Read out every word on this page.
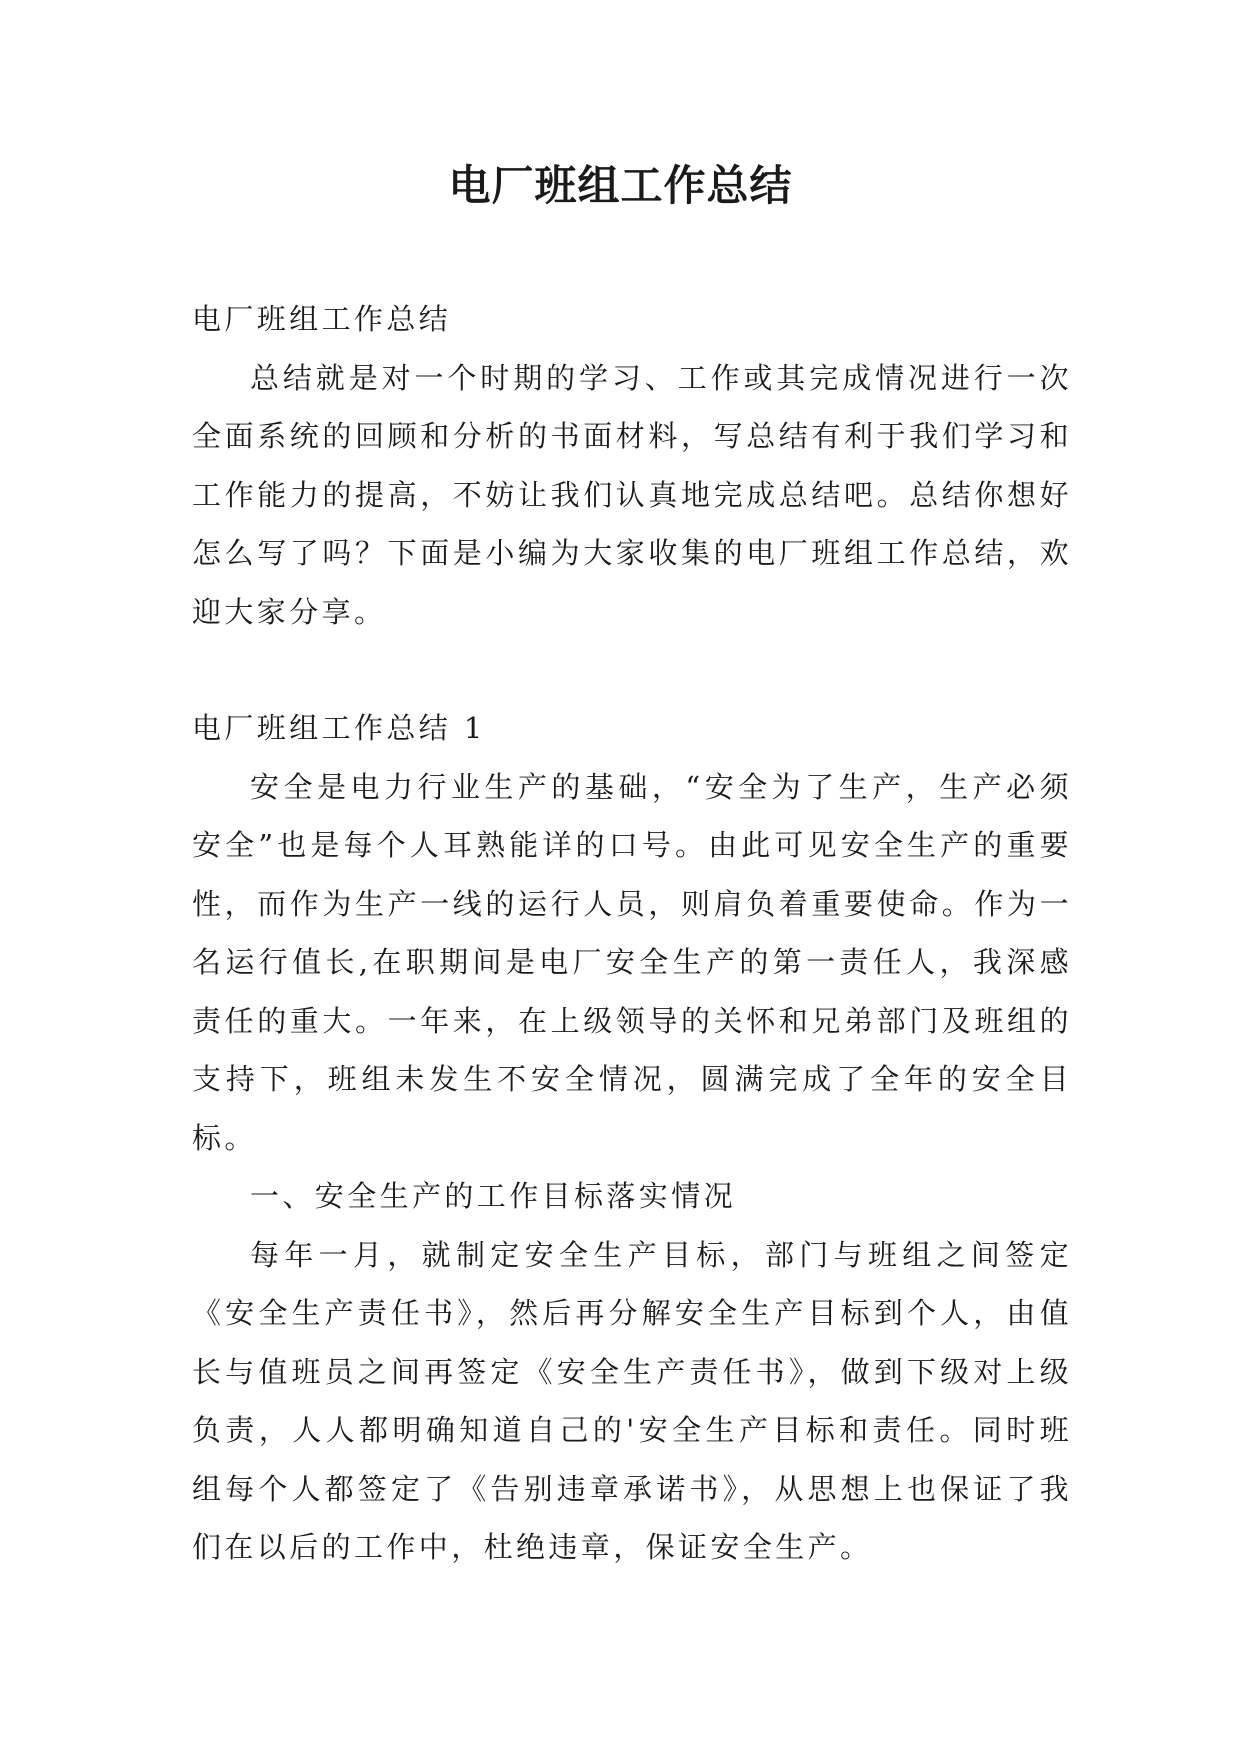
电厂班组工作总结

电厂班组工作总结

总结就是对一个时期的学习、工作或其完成情况进行一次全面系统的回顾和分析的书面材料，写总结有利于我们学习和工作能力的提高，不妨让我们认真地完成总结吧。总结你想好怎么写了吗？下面是小编为大家收集的电厂班组工作总结，欢迎大家分享。

电厂班组工作总结 1

安全是电力行业生产的基础，“安全为了生产，生产必须安全”也是每个人耳熟能详的口号。由此可见安全生产的重要性，而作为生产一线的运行人员，则肩负着重要使命。作为一名运行值长,在职期间是电厂安全生产的第一责任人，我深感责任的重大。一年来，在上级领导的关怀和兄弟部门及班组的支持下，班组未发生不安全情况，圆满完成了全年的安全目标。

一、安全生产的工作目标落实情况

每年一月，就制定安全生产目标，部门与班组之间签定《安全生产责任书》，然后再分解安全生产目标到个人，由值长与值班员之间再签定《安全生产责任书》，做到下级对上级负责，人人都明确知道自己的'安全生产目标和责任。同时班组每个人都签定了《告别违章承诺书》，从思想上也保证了我们在以后的工作中，杜绝违章，保证安全生产。
